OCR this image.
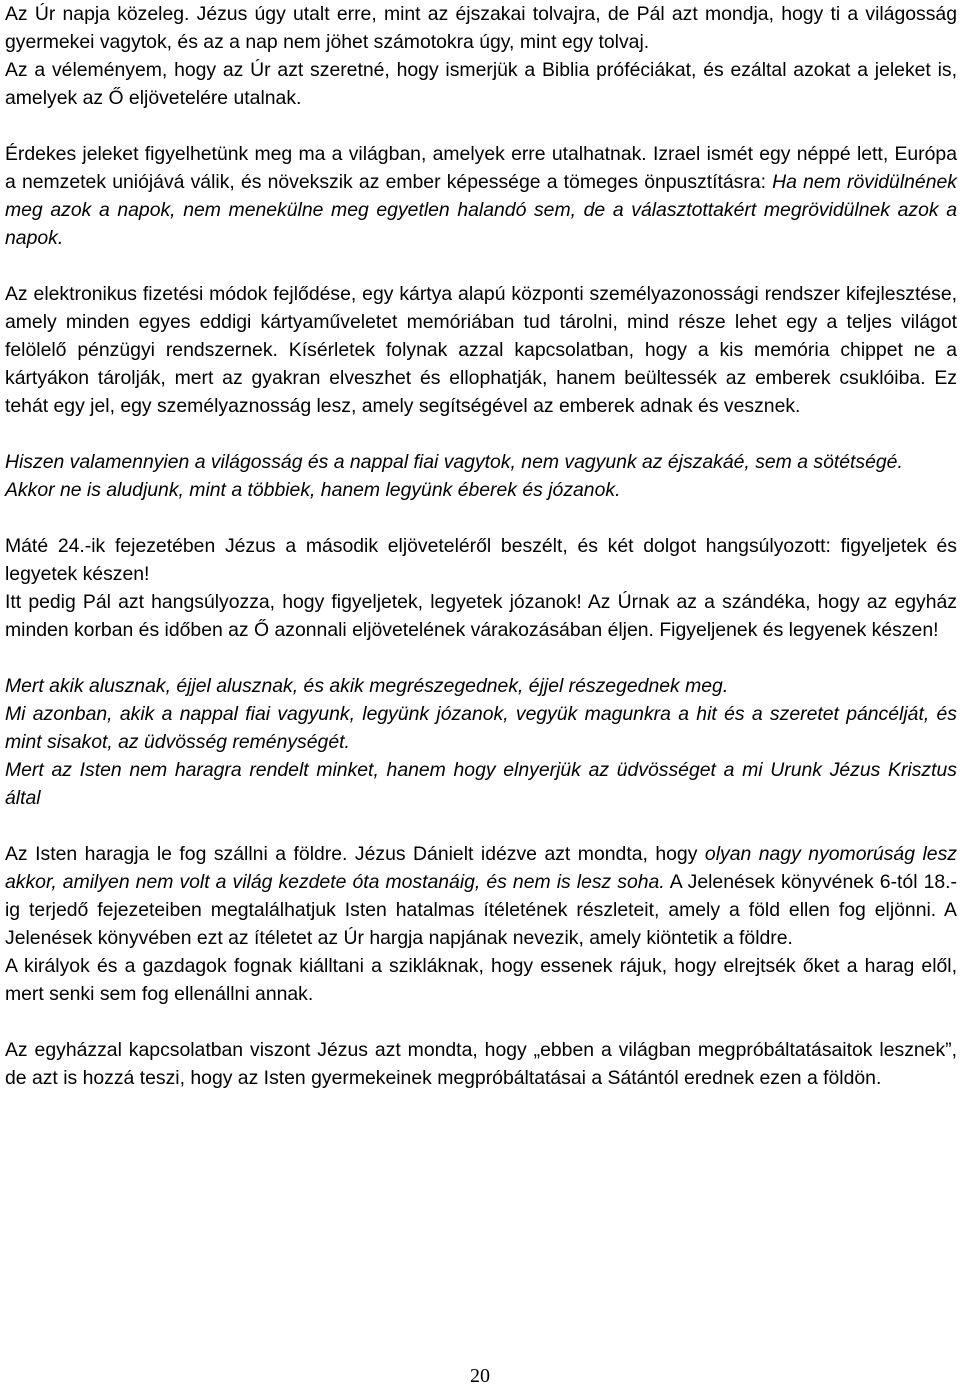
Az Úr napja közeleg. Jézus úgy utalt erre, mint az éjszakai tolvajra, de Pál azt mondja, hogy ti a világosság gyermekei vagytok, és az a nap nem jöhet számotokra úgy, mint egy tolvaj.

Az a véleményem, hogy az Úr azt szeretné, hogy ismerjük a Biblia próféciákat, és ezáltal azokat a jeleket is, amelyek az Ő eljövetelére utalnak.

Érdekes jeleket figyelhetünk meg ma a világban, amelyek erre utalhatnak. Izrael ismét egy néppé lett, Európa a nemzetek uniójává válik, és növekszik az ember képessége a tömeges önpusztításra: Ha nem rövidülnének meg azok a napok, nem menekülne meg egyetlen halandó sem, de a választottakért megrövidülnek azok a napok.

Az elektronikus fizetési módok fejlődése, egy kártya alapú központi személyazonossági rendszer kifejlesztése, amely minden egyes eddigi kártyaműveletet memóriában tud tárolni, mind része lehet egy a teljes világot felölelő pénzügyi rendszernek. Kísérletek folynak azzal kapcsolatban, hogy a kis memória chippet ne a kártyákon tárolják, mert az gyakran elveszhet és ellophatják, hanem beültessék az emberek csuklóiba. Ez tehát egy jel, egy személyaznosság lesz, amely segítségével az emberek adnak és vesznek.

Hiszen valamennyien a világosság és a nappal fiai vagytok, nem vagyunk az éjszakáé, sem a sötétségé.

Akkor ne is aludjunk, mint a többiek, hanem legyünk éberek és józanok.

Máté 24.-ik fejezetében Jézus a második eljöveteléről beszélt, és két dolgot hangsúlyozott: figyeljetek és legyetek készen!

Itt pedig Pál azt hangsúlyozza, hogy figyeljetek, legyetek józanok! Az Úrnak az a szándéka, hogy az egyház minden korban és időben az Ő azonnali eljövetelének várakozásában éljen. Figyeljenek és legyenek készen!

Mert akik alusznak, éjjel alusznak, és akik megrészegednek, éjjel részegednek meg.

Mi azonban, akik a nappal fiai vagyunk, legyünk józanok, vegyük magunkra a hit és a szeretet páncélját, és mint sisakot, az üdvösség reménységét.

Mert az Isten nem haragra rendelt minket, hanem hogy elnyerjük az üdvösséget a mi Urunk Jézus Krisztus által

Az Isten haragja le fog szállni a földre. Jézus Dánielt idézve azt mondta, hogy olyan nagy nyomorúság lesz akkor, amilyen nem volt a világ kezdete óta mostanáig, és nem is lesz soha. A Jelenések könyvének 6-tól 18.-ig terjedő fejezeteiben megtalálhatjuk Isten hatalmas ítéletének részleteit, amely a föld ellen fog eljönni. A Jelenések könyvében ezt az ítéletet az Úr hargja napjának nevezik, amely kiöntetik a földre.

A királyok és a gazdagok fognak kiálltani a szikláknak, hogy essenek rájuk, hogy elrejtsék őket a harag elől, mert senki sem fog ellenállni annak.

Az egyházzal kapcsolatban viszont Jézus azt mondta, hogy „ebben a világban megpróbáltatásaitok lesznek”, de azt is hozzá teszi, hogy az Isten gyermekeinek megpróbáltatásai a Sátántól erednek ezen a földön.

20
